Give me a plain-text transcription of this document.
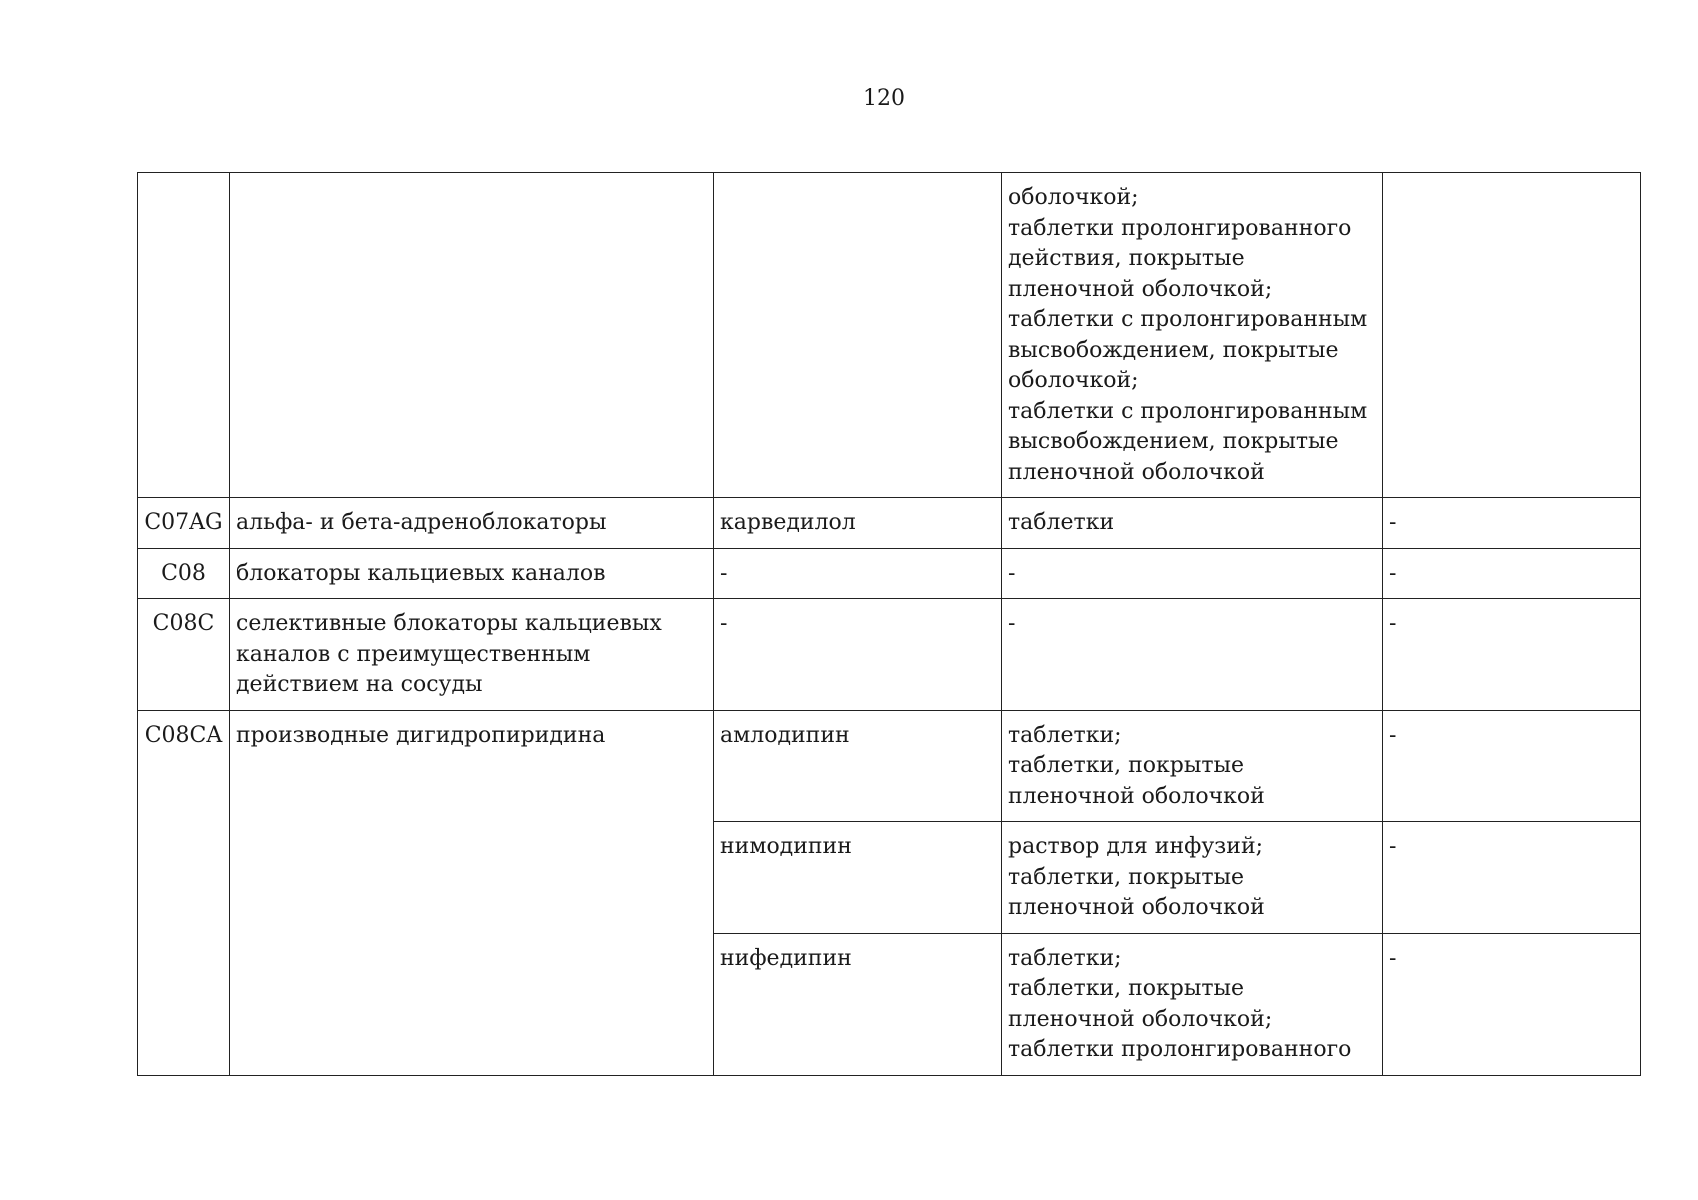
120
			оболочкой;
таблетки пролонгированного действия, покрытые пленочной оболочкой;
таблетки с пролонгированным высвобождением, покрытые оболочкой;
таблетки с пролонгированным высвобождением, покрытые пленочной оболочкой	
C07AG	альфа- и бета-адреноблокаторы	карведилол	таблетки	-
C08	блокаторы кальциевых каналов	-	-	-
C08C	селективные блокаторы кальциевых каналов с преимущественным действием на сосуды	-	-	-
C08CA	производные дигидропиридина	амлодипин	таблетки;
таблетки, покрытые пленочной оболочкой	-
		нимодипин	раствор для инфузий;
таблетки, покрытые пленочной оболочкой	-
		нифедипин	таблетки;
таблетки, покрытые пленочной оболочкой;
таблетки пролонгированного	-
